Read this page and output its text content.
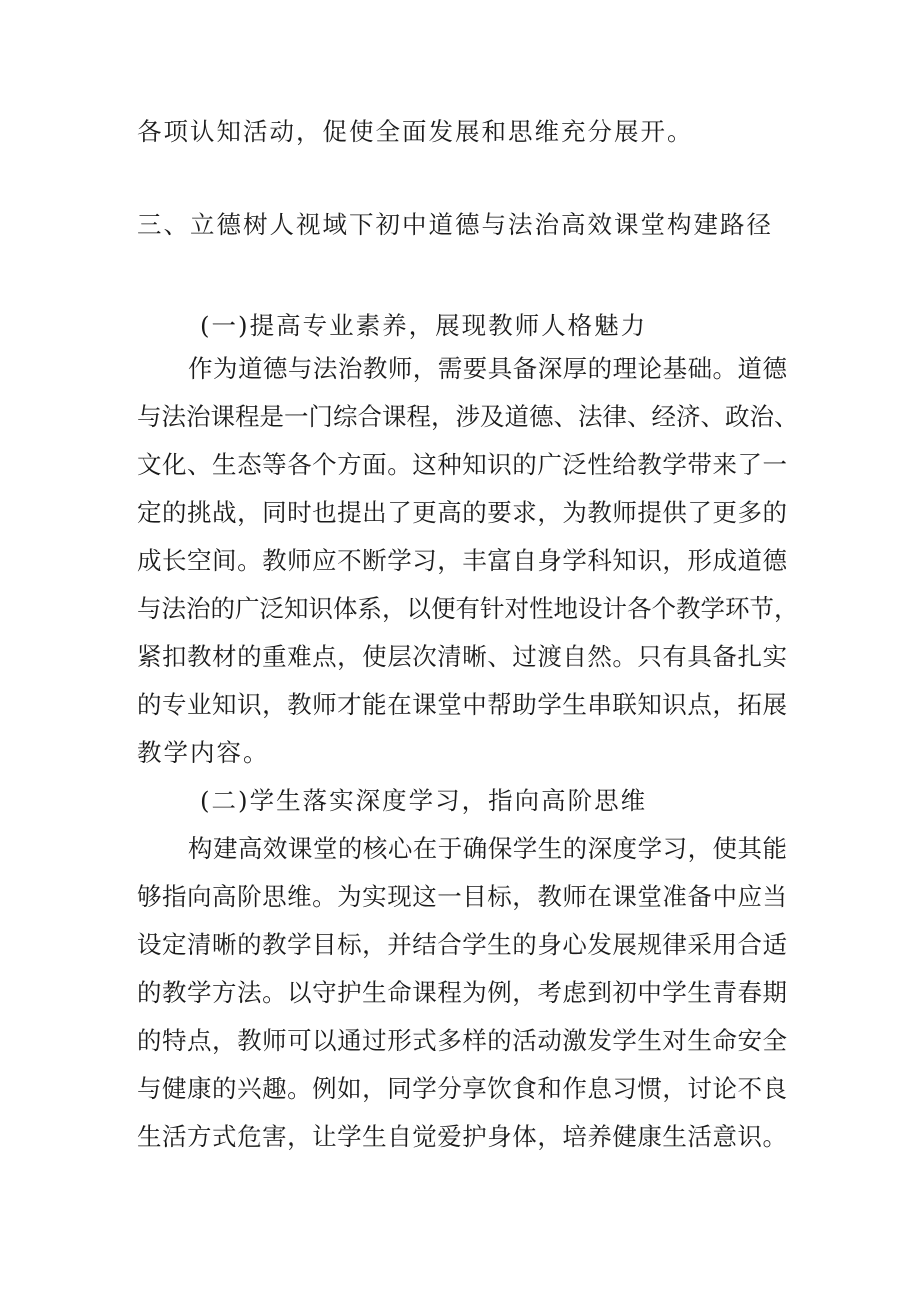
各项认知活动，促使全面发展和思维充分展开。
三、立德树人视域下初中道德与法治高效课堂构建路径
(一)提高专业素养，展现教师人格魅力
作为道德与法治教师，需要具备深厚的理论基础。道德
与法治课程是一门综合课程，涉及道德、法律、经济、政治、
文化、生态等各个方面。这种知识的广泛性给教学带来了一
定的挑战，同时也提出了更高的要求，为教师提供了更多的
成长空间。教师应不断学习，丰富自身学科知识，形成道德
与法治的广泛知识体系，以便有针对性地设计各个教学环节，
紧扣教材的重难点，使层次清晰、过渡自然。只有具备扎实
的专业知识，教师才能在课堂中帮助学生串联知识点，拓展
教学内容。
(二)学生落实深度学习，指向高阶思维
构建高效课堂的核心在于确保学生的深度学习，使其能
够指向高阶思维。为实现这一目标，教师在课堂准备中应当
设定清晰的教学目标，并结合学生的身心发展规律采用合适
的教学方法。以守护生命课程为例，考虑到初中学生青春期
的特点，教师可以通过形式多样的活动激发学生对生命安全
与健康的兴趣。例如，同学分享饮食和作息习惯，讨论不良
生活方式危害，让学生自觉爱护身体，培养健康生活意识。
